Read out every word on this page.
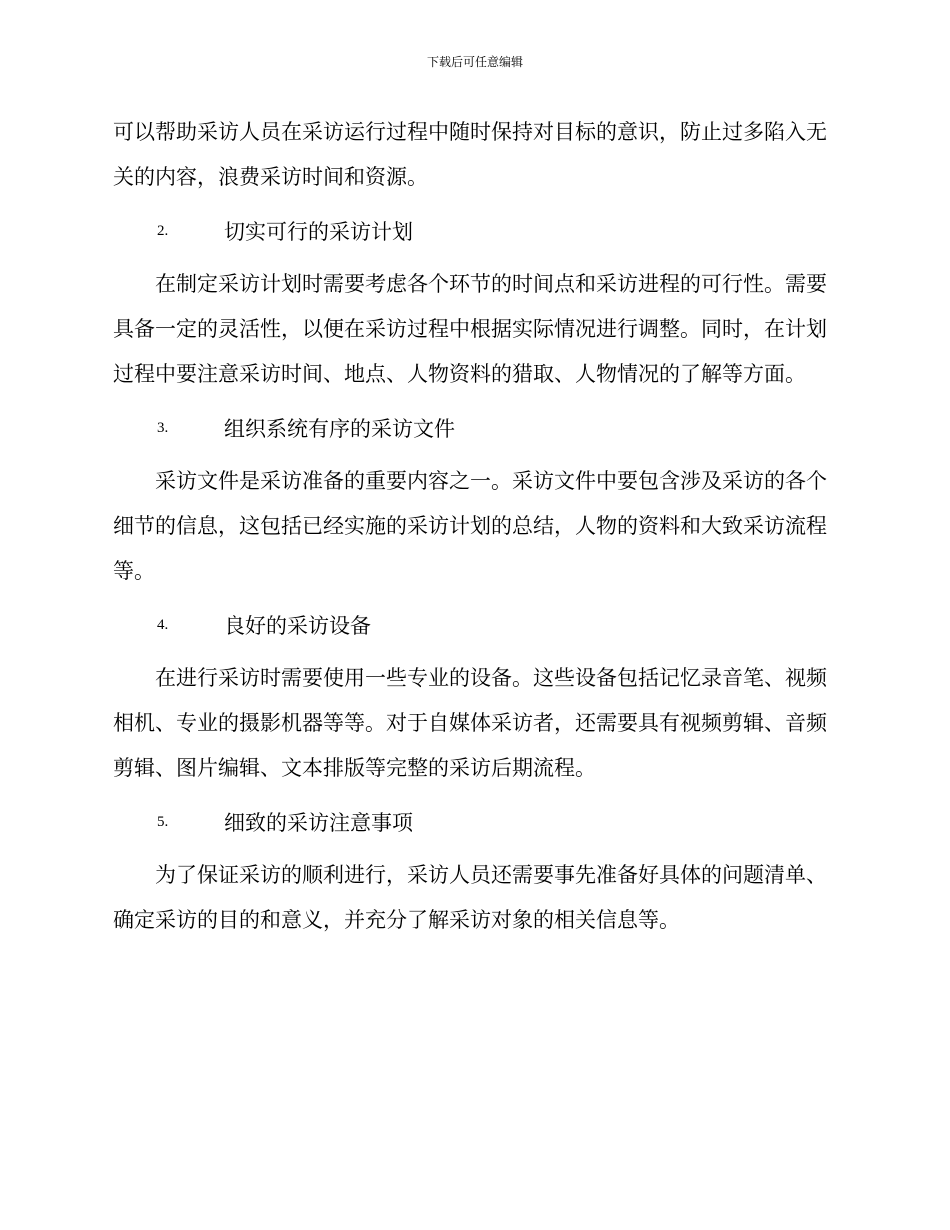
下载后可任意编辑

可以帮助采访人员在采访运行过程中随时保持对目标的意识，防止过多陷入无关的内容，浪费采访时间和资源。

2.	切实可行的采访计划

在制定采访计划时需要考虑各个环节的时间点和采访进程的可行性。需要具备一定的灵活性，以便在采访过程中根据实际情况进行调整。同时，在计划过程中要注意采访时间、地点、人物资料的猎取、人物情况的了解等方面。

3.	组织系统有序的采访文件

采访文件是采访准备的重要内容之一。采访文件中要包含涉及采访的各个细节的信息，这包括已经实施的采访计划的总结，人物的资料和大致采访流程等。

4.	良好的采访设备

在进行采访时需要使用一些专业的设备。这些设备包括记忆录音笔、视频相机、专业的摄影机器等等。对于自媒体采访者，还需要具有视频剪辑、音频剪辑、图片编辑、文本排版等完整的采访后期流程。

5.	细致的采访注意事项

为了保证采访的顺利进行，采访人员还需要事先准备好具体的问题清单、确定采访的目的和意义，并充分了解采访对象的相关信息等。
